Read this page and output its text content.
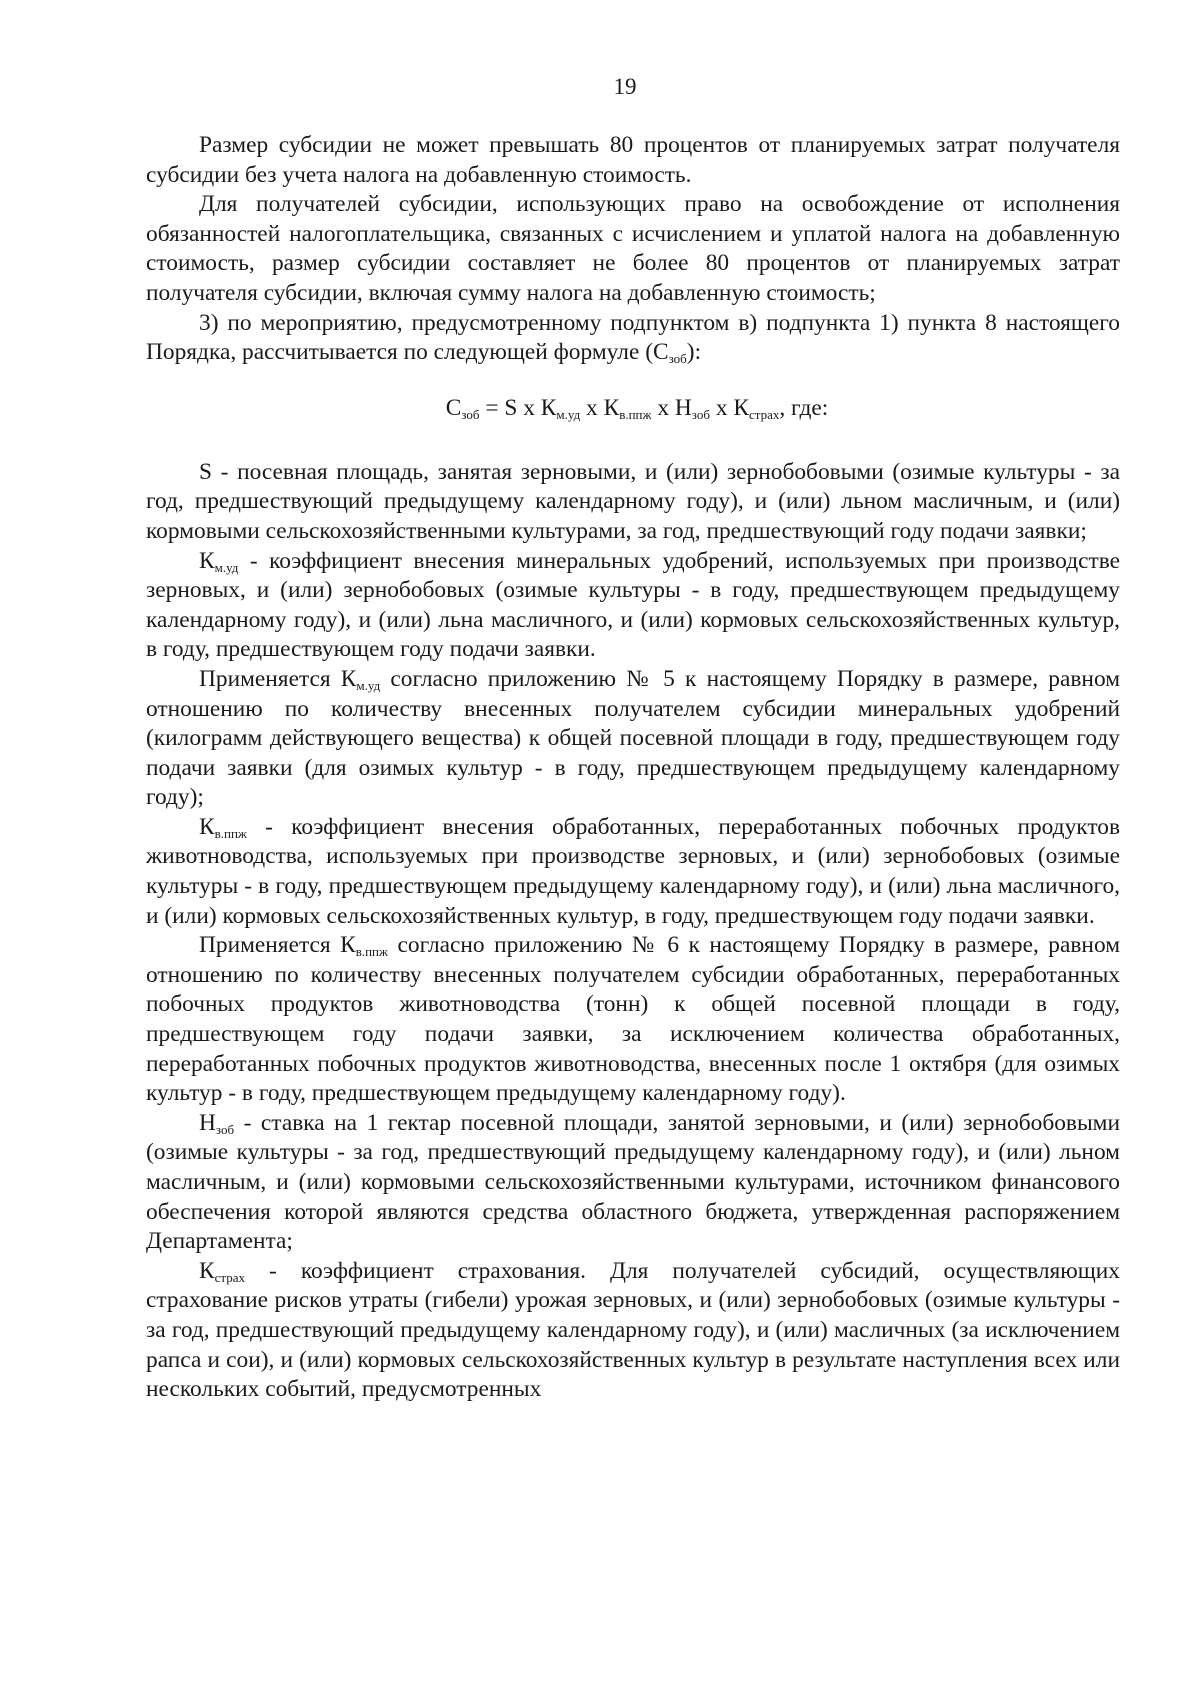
19

Размер субсидии не может превышать 80 процентов от планируемых затрат получателя субсидии без учета налога на добавленную стоимость.

Для получателей субсидии, использующих право на освобождение от исполнения обязанностей налогоплательщика, связанных с исчислением и уплатой налога на добавленную стоимость, размер субсидии составляет не более 80 процентов от планируемых затрат получателя субсидии, включая сумму налога на добавленную стоимость;

3) по мероприятию, предусмотренному подпунктом в) подпункта 1) пункта 8 настоящего Порядка, рассчитывается по следующей формуле $(С_{зоб})$:

$С_{зоб} = S$ x $К_{м.уд}$ x $К_{в.ппж}$ x $Н_{зоб}$ x $К_{страх}$, где:

S - посевная площадь, занятая зерновыми, и (или) зернобобовыми (озимые культуры - за год, предшествующий предыдущему календарному году), и (или) льном масличным, и (или) кормовыми сельскохозяйственными культурами, за год, предшествующий году подачи заявки;

$К_{м.уд}$ - коэффициент внесения минеральных удобрений, используемых при производстве зерновых, и (или) зернобобовых (озимые культуры - в году, предшествующем предыдущему календарному году), и (или) льна масличного, и (или) кормовых сельскохозяйственных культур, в году, предшествующем году подачи заявки.

Применяется $К_{м.уд}$ согласно приложению № 5 к настоящему Порядку в размере, равном отношению по количеству внесенных получателем субсидии минеральных удобрений (килограмм действующего вещества) к общей посевной площади в году, предшествующем году подачи заявки (для озимых культур - в году, предшествующем предыдущему календарному году);

$К_{в.ппж}$ - коэффициент внесения обработанных, переработанных побочных продуктов животноводства, используемых при производстве зерновых, и (или) зернобобовых (озимые культуры - в году, предшествующем предыдущему календарному году), и (или) льна масличного, и (или) кормовых сельскохозяйственных культур, в году, предшествующем году подачи заявки.

Применяется $К_{в.ппж}$ согласно приложению № 6 к настоящему Порядку в размере, равном отношению по количеству внесенных получателем субсидии обработанных, переработанных побочных продуктов животноводства (тонн) к общей посевной площади в году, предшествующем году подачи заявки, за исключением количества обработанных, переработанных побочных продуктов животноводства, внесенных после 1 октября (для озимых культур - в году, предшествующем предыдущему календарному году).

$Н_{зоб}$ - ставка на 1 гектар посевной площади, занятой зерновыми, и (или) зернобобовыми (озимые культуры - за год, предшествующий предыдущему календарному году), и (или) льном масличным, и (или) кормовыми сельскохозяйственными культурами, источником финансового обеспечения которой являются средства областного бюджета, утвержденная распоряжением Департамента;

$К_{страх}$ - коэффициент страхования. Для получателей субсидий, осуществляющих страхование рисков утраты (гибели) урожая зерновых, и (или) зернобобовых (озимые культуры - за год, предшествующий предыдущему календарному году), и (или) масличных (за исключением рапса и сои), и (или) кормовых сельскохозяйственных культур в результате наступления всех или нескольких событий, предусмотренных
